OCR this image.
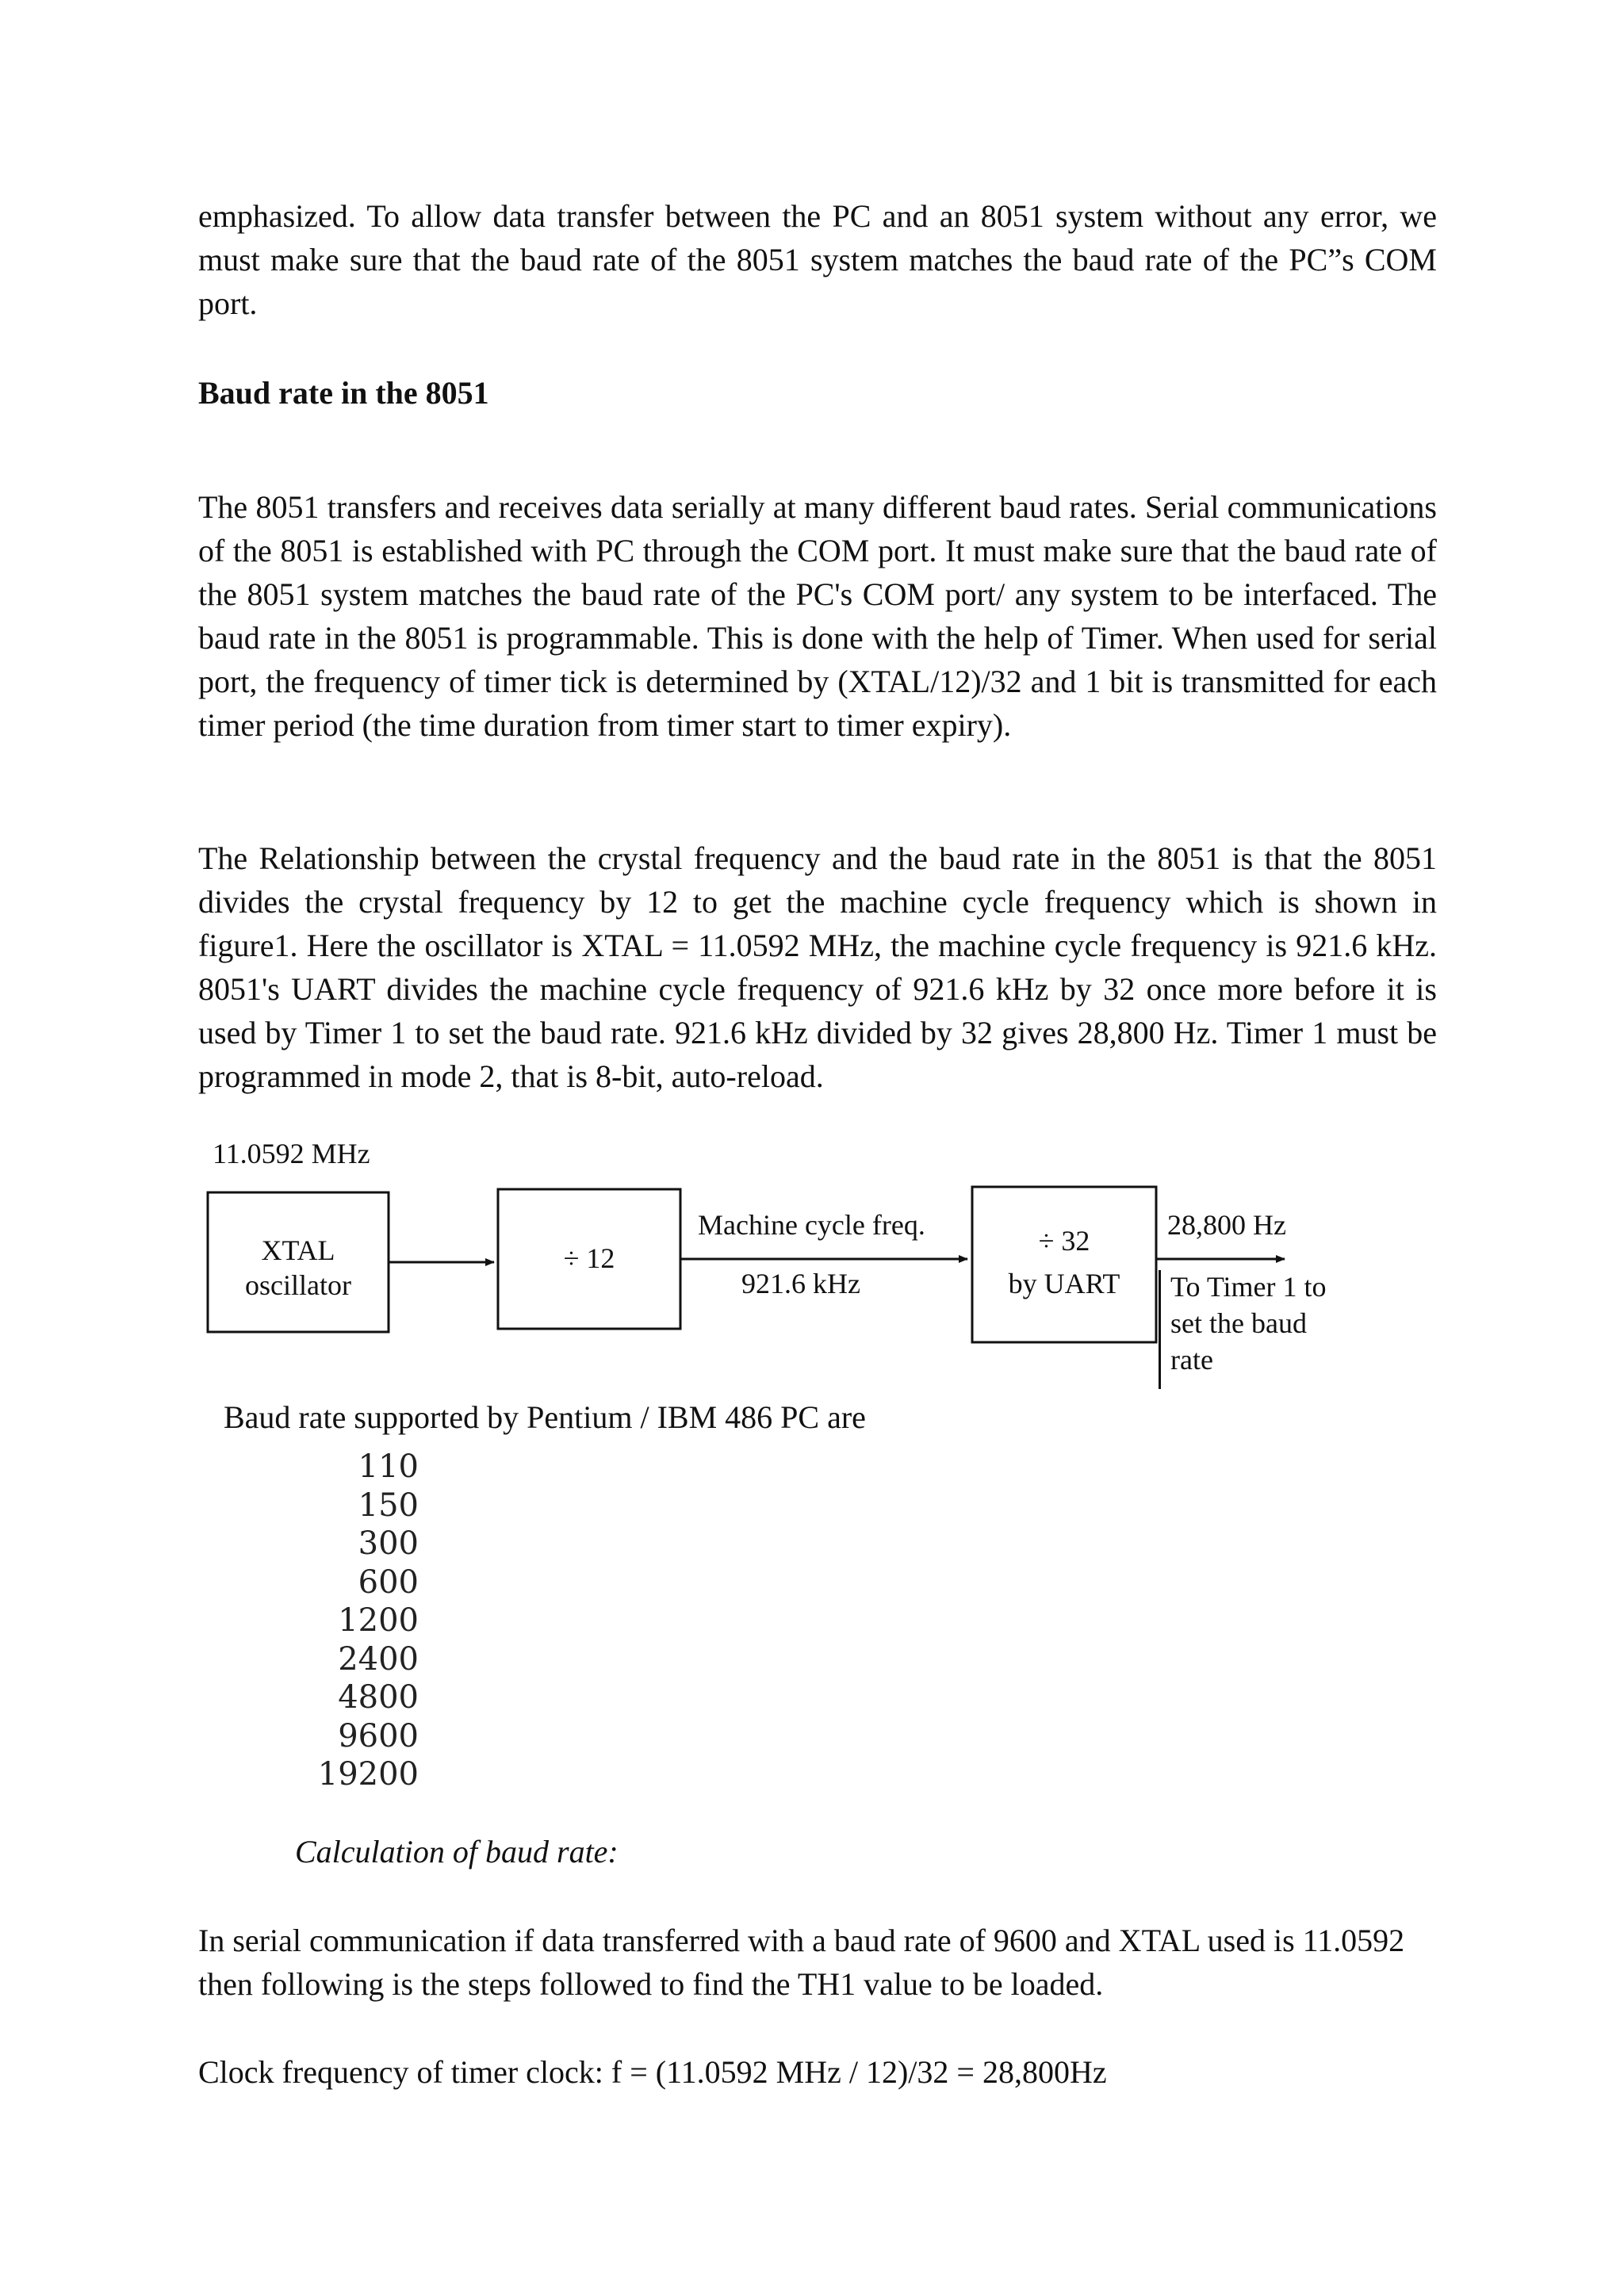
emphasized. To allow data transfer between the PC and an 8051 system without any error, we must make sure that the baud rate of the 8051 system matches the baud rate of the PC”s COM port.

Baud rate in the 8051

The 8051 transfers and receives data serially at many different baud rates. Serial communications of the 8051 is established with PC through the COM port. It must make sure that the baud rate of the 8051 system matches the baud rate of the PC's COM port/ any system to be interfaced. The baud rate in the 8051 is programmable. This is done with the help of Timer. When used for serial port, the frequency of timer tick is determined by (XTAL/12)/32 and 1 bit is transmitted for each timer period (the time duration from timer start to timer expiry).

The Relationship between the crystal frequency and the baud rate in the 8051 is that the 8051 divides the crystal frequency by 12 to get the machine cycle frequency which is shown in figure1. Here the oscillator is XTAL = 11.0592 MHz, the machine cycle frequency is 921.6 kHz. 8051's UART divides the machine cycle frequency of 921.6 kHz by 32 once more before it is used by Timer 1 to set the baud rate. 921.6 kHz divided by 32 gives 28,800 Hz. Timer 1 must be programmed in mode 2, that is 8-bit, auto-reload.

11.0592 MHz
XTAL
oscillator
÷ 12
Machine cycle freq.
921.6 kHz
÷ 32
by UART
28,800 Hz
To Timer 1 to
set the baud
rate
Baud rate supported by Pentium / IBM 486 PC are
110
150
300
600
1200
2400
4800
9600
19200
Calculation of baud rate:

In serial communication if data transferred with a baud rate of 9600 and XTAL used is 11.0592 then following is the steps followed to find the TH1 value to be loaded.

Clock frequency of timer clock: f = (11.0592 MHz / 12)/32 = 28,800Hz
